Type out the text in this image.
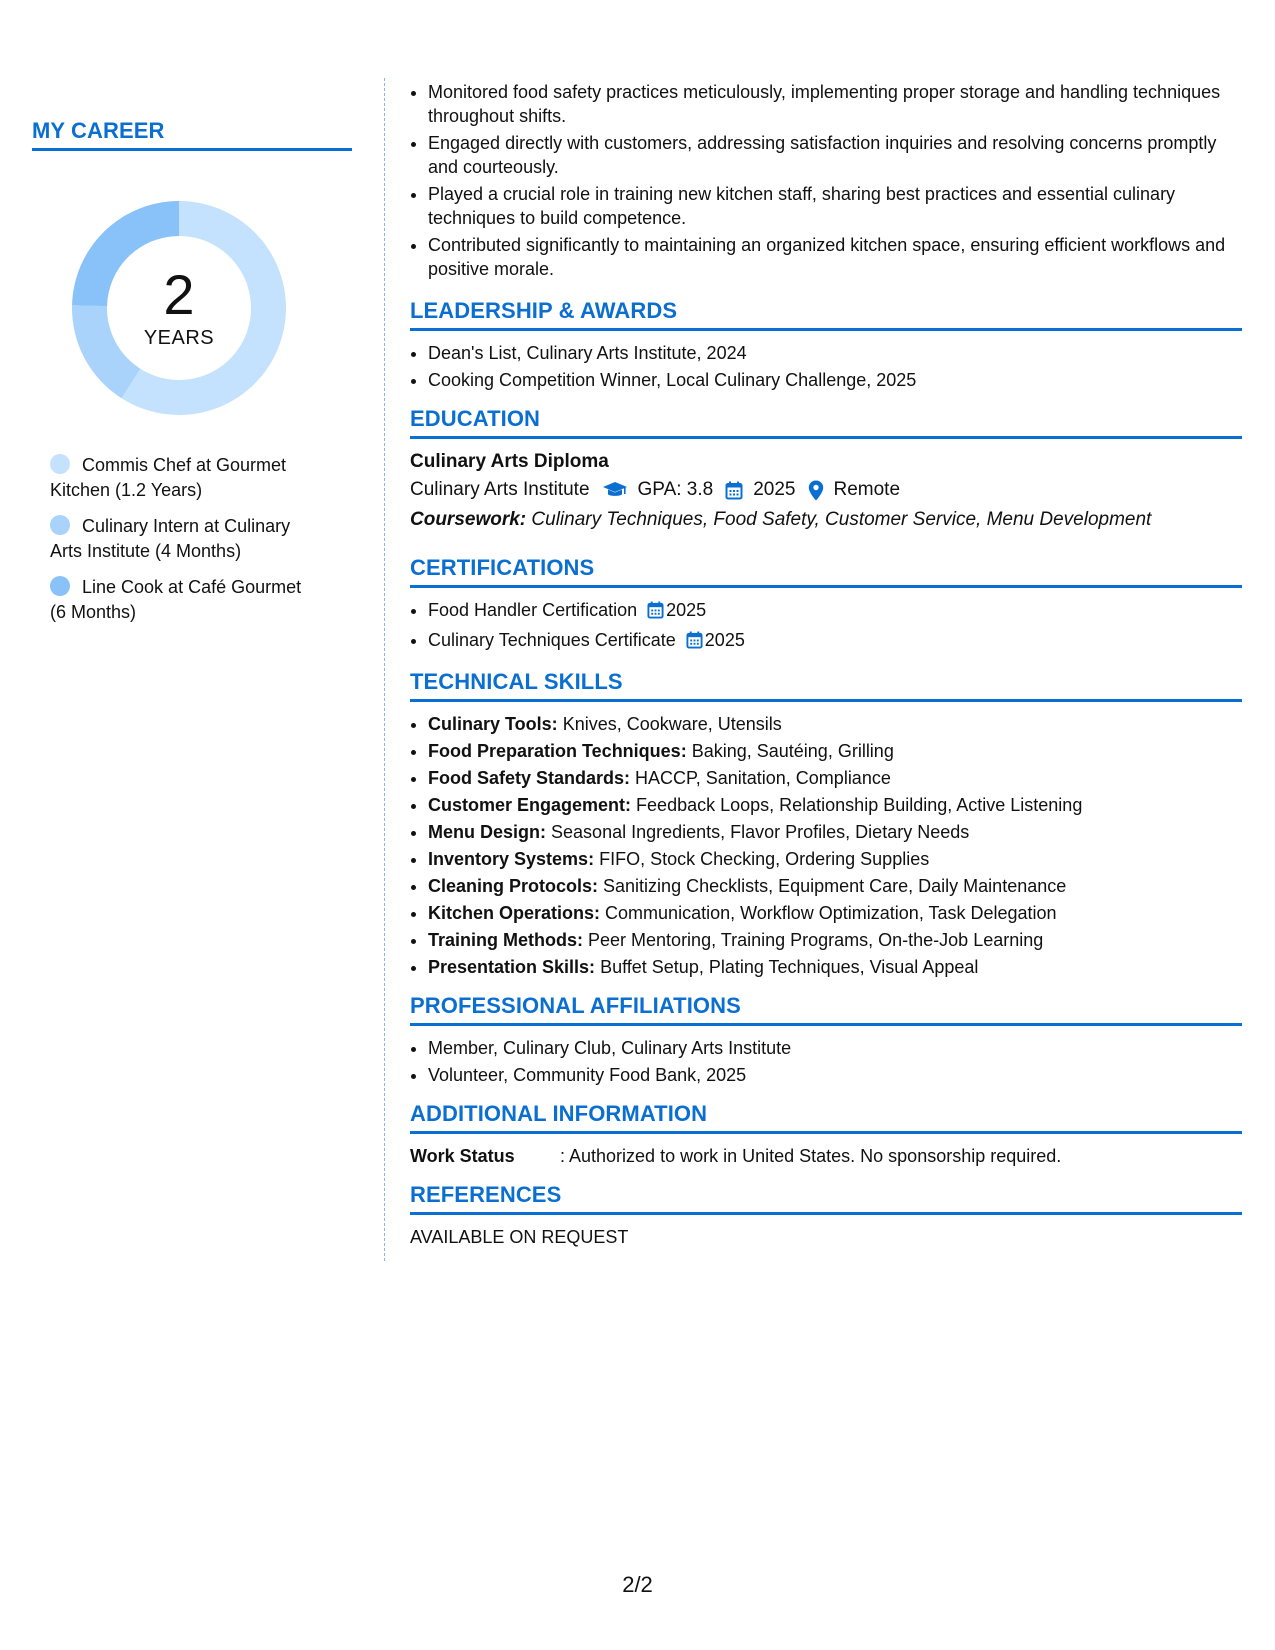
MY CAREER
2
YEARS
Commis Chef at Gourmet Kitchen (1.2 Years)
Culinary Intern at Culinary Arts Institute (4 Months)
Line Cook at Café Gourmet (6 Months)
• Monitored food safety practices meticulously, implementing proper storage and handling techniques throughout shifts.
• Engaged directly with customers, addressing satisfaction inquiries and resolving concerns promptly and courteously.
• Played a crucial role in training new kitchen staff, sharing best practices and essential culinary techniques to build competence.
• Contributed significantly to maintaining an organized kitchen space, ensuring efficient workflows and positive morale.
LEADERSHIP & AWARDS
• Dean's List, Culinary Arts Institute, 2024
• Cooking Competition Winner, Local Culinary Challenge, 2025
EDUCATION
Culinary Arts Diploma
Culinary Arts Institute	GPA: 3.8 2025 Remote
Coursework: Culinary Techniques, Food Safety, Customer Service, Menu Development
CERTIFICATIONS
• Food Handler Certification 2025
• Culinary Techniques Certificate 2025
TECHNICAL SKILLS
• Culinary Tools: Knives, Cookware, Utensils
• Food Preparation Techniques: Baking, Sautéing, Grilling
• Food Safety Standards: HACCP, Sanitation, Compliance
• Customer Engagement: Feedback Loops, Relationship Building, Active Listening
• Menu Design: Seasonal Ingredients, Flavor Profiles, Dietary Needs
• Inventory Systems: FIFO, Stock Checking, Ordering Supplies
• Cleaning Protocols: Sanitizing Checklists, Equipment Care, Daily Maintenance
• Kitchen Operations: Communication, Workflow Optimization, Task Delegation
• Training Methods: Peer Mentoring, Training Programs, On-the-Job Learning
• Presentation Skills: Buffet Setup, Plating Techniques, Visual Appeal
PROFESSIONAL AFFILIATIONS
• Member, Culinary Club, Culinary Arts Institute
• Volunteer, Community Food Bank, 2025
ADDITIONAL INFORMATION
Work Status	: Authorized to work in United States. No sponsorship required.
REFERENCES
AVAILABLE ON REQUEST
2/2
